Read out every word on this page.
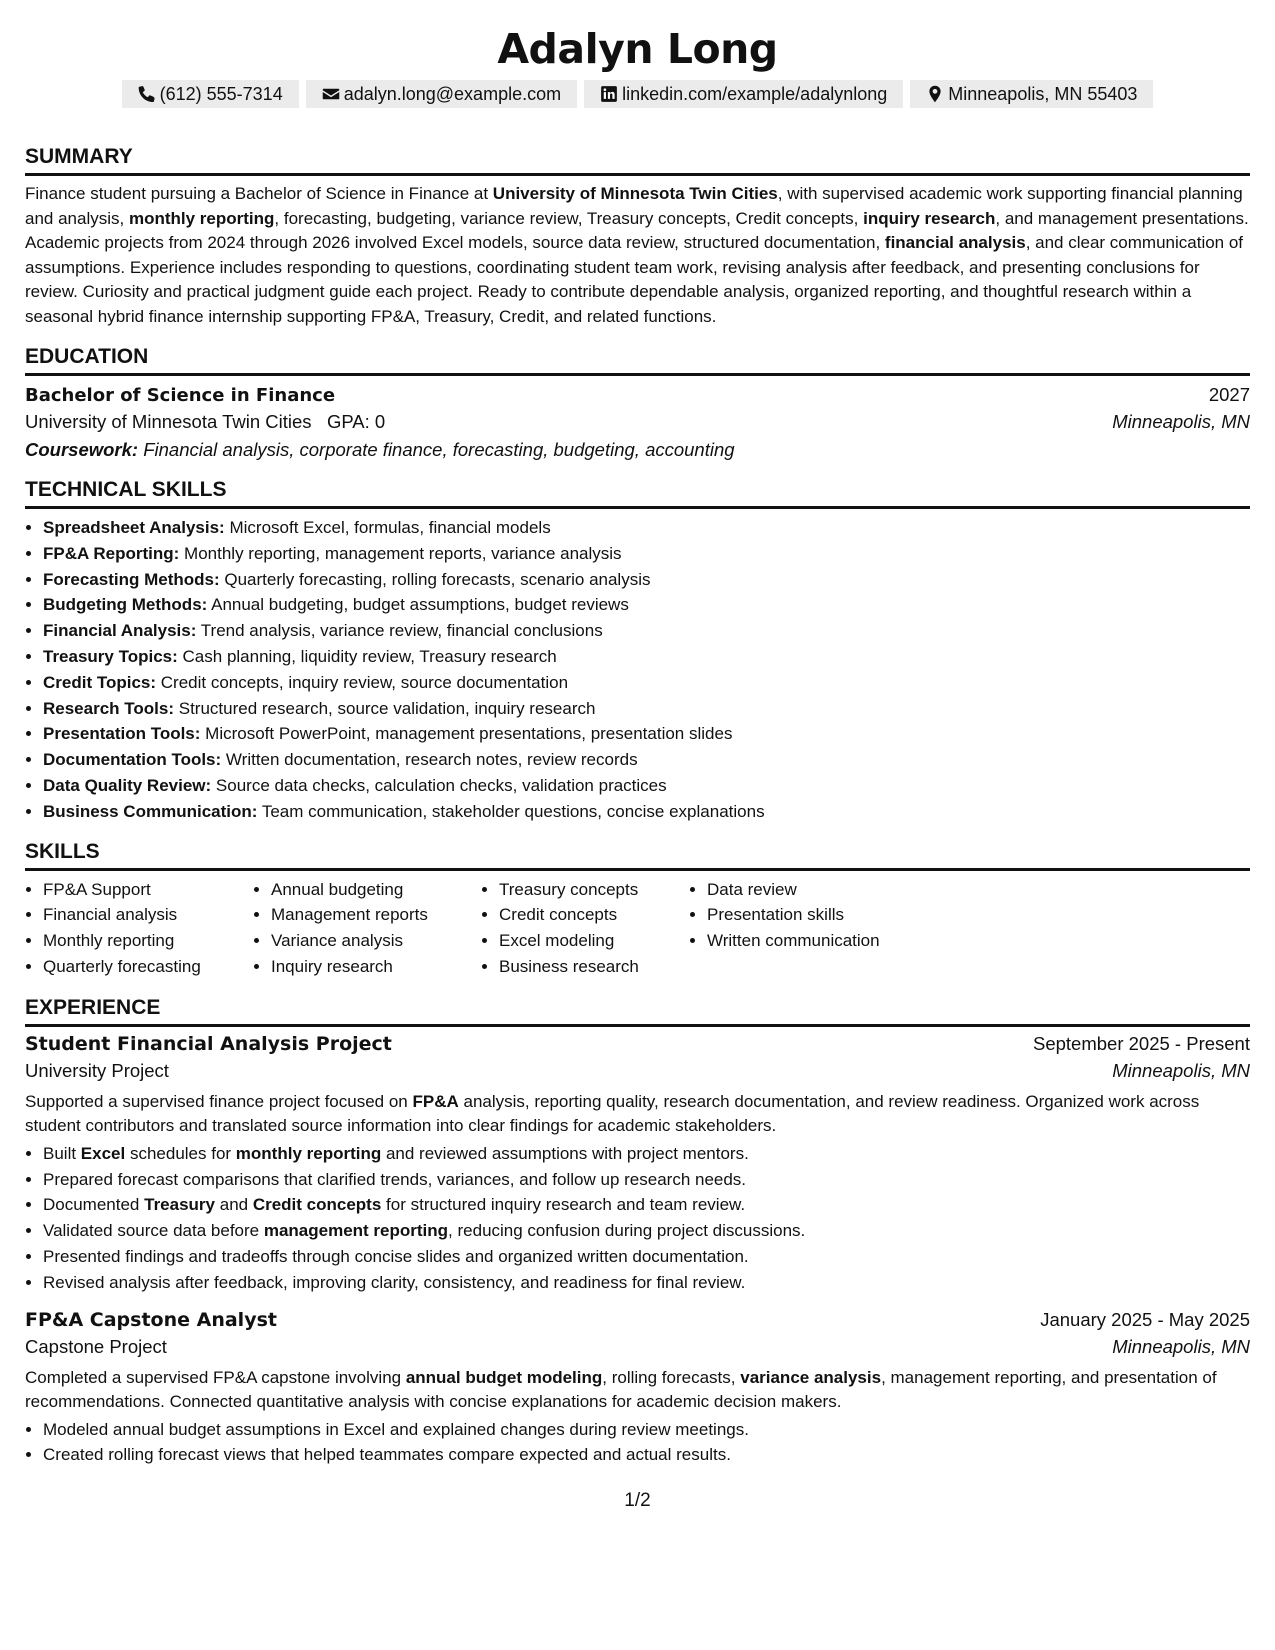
Adalyn Long
(612) 555-7314	adalyn.long@example.com	linkedin.com/example/adalynlong	Minneapolis, MN 55403
SUMMARY

Finance student pursuing a Bachelor of Science in Finance at University of Minnesota Twin Cities, with supervised academic work supporting financial planning and analysis, monthly reporting, forecasting, budgeting, variance review, Treasury concepts, Credit concepts, inquiry research, and management presentations. Academic projects from 2024 through 2026 involved Excel models, source data review, structured documentation, financial analysis, and clear communication of assumptions. Experience includes responding to questions, coordinating student team work, revising analysis after feedback, and presenting conclusions for review. Curiosity and practical judgment guide each project. Ready to contribute dependable analysis, organized reporting, and thoughtful research within a seasonal hybrid finance internship supporting FP&A, Treasury, Credit, and related functions.

EDUCATION
Bachelor of Science in Finance	2027
University of Minnesota Twin Cities GPA: 0	Minneapolis, MN
Coursework: Financial analysis, corporate finance, forecasting, budgeting, accounting
TECHNICAL SKILLS
• Spreadsheet Analysis: Microsoft Excel, formulas, financial models
• FP&A Reporting: Monthly reporting, management reports, variance analysis
• Forecasting Methods: Quarterly forecasting, rolling forecasts, scenario analysis
• Budgeting Methods: Annual budgeting, budget assumptions, budget reviews
• Financial Analysis: Trend analysis, variance review, financial conclusions
• Treasury Topics: Cash planning, liquidity review, Treasury research
• Credit Topics: Credit concepts, inquiry review, source documentation
• Research Tools: Structured research, source validation, inquiry research
• Presentation Tools: Microsoft PowerPoint, management presentations, presentation slides
• Documentation Tools: Written documentation, research notes, review records
• Data Quality Review: Source data checks, calculation checks, validation practices
• Business Communication: Team communication, stakeholder questions, concise explanations
SKILLS
• FP&A Support
• Financial analysis
• Monthly reporting
• Quarterly forecasting
• Annual budgeting
• Management reports
• Variance analysis
• Inquiry research
• Treasury concepts
• Credit concepts
• Excel modeling
• Business research
• Data review
• Presentation skills
• Written communication
EXPERIENCE
Student Financial Analysis Project	September 2025 - Present
University Project	Minneapolis, MN

Supported a supervised finance project focused on FP&A analysis, reporting quality, research documentation, and review readiness. Organized work across student contributors and translated source information into clear findings for academic stakeholders.

• Built Excel schedules for monthly reporting and reviewed assumptions with project mentors.
• Prepared forecast comparisons that clarified trends, variances, and follow up research needs.
• Documented Treasury and Credit concepts for structured inquiry research and team review.
• Validated source data before management reporting, reducing confusion during project discussions.
• Presented findings and tradeoffs through concise slides and organized written documentation.
• Revised analysis after feedback, improving clarity, consistency, and readiness for final review.
FP&A Capstone Analyst	January 2025 - May 2025
Capstone Project	Minneapolis, MN

Completed a supervised FP&A capstone involving annual budget modeling, rolling forecasts, variance analysis, management reporting, and presentation of recommendations. Connected quantitative analysis with concise explanations for academic decision makers.

• Modeled annual budget assumptions in Excel and explained changes during review meetings.
• Created rolling forecast views that helped teammates compare expected and actual results.
1/2
